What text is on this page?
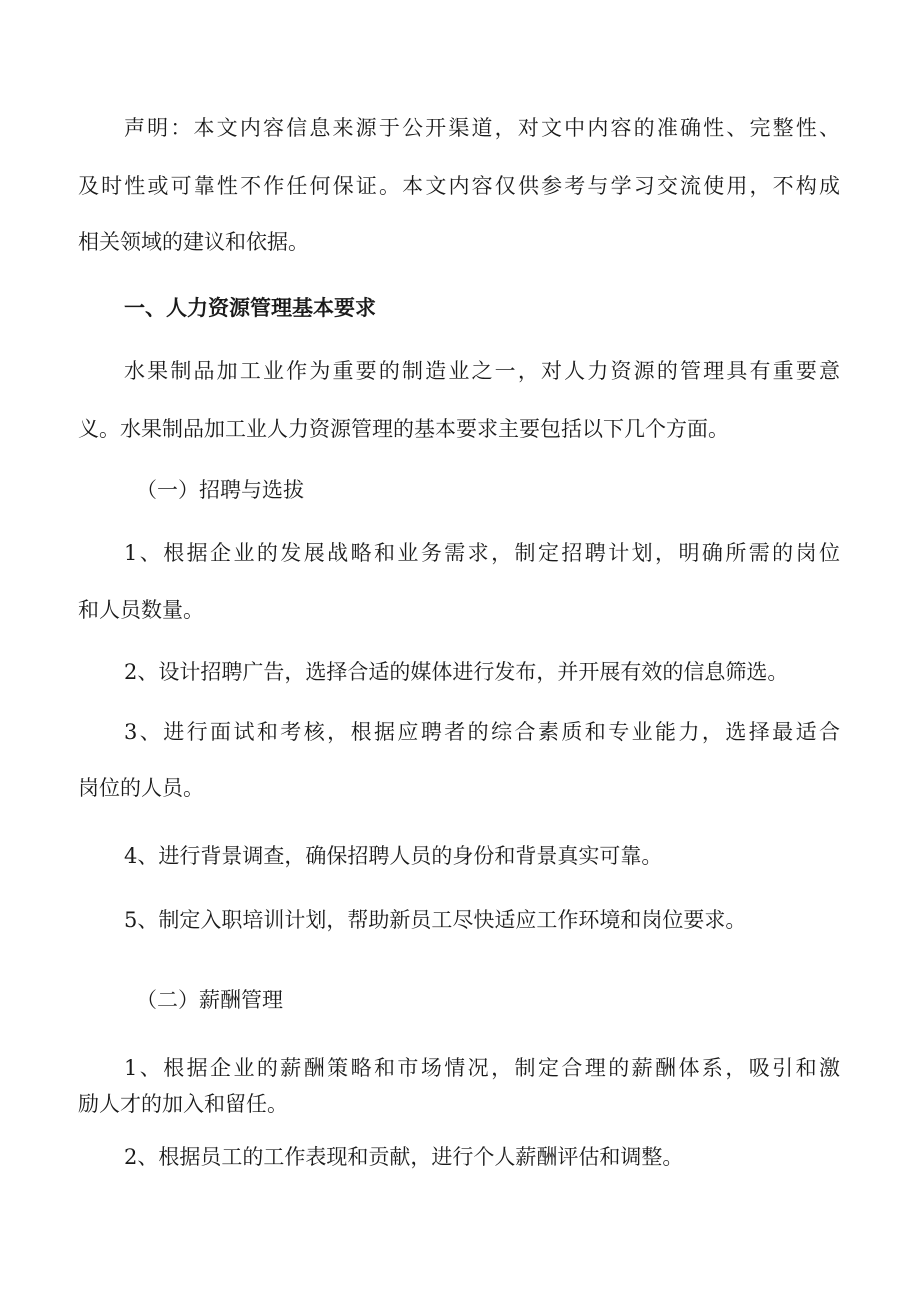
声明：本文内容信息来源于公开渠道，对文中内容的准确性、完整性、
及时性或可靠性不作任何保证。本文内容仅供参考与学习交流使用，不构成
相关领域的建议和依据。
一、人力资源管理基本要求
水果制品加工业作为重要的制造业之一，对人力资源的管理具有重要意
义。水果制品加工业人力资源管理的基本要求主要包括以下几个方面。
（一）招聘与选拔
1、根据企业的发展战略和业务需求，制定招聘计划，明确所需的岗位
和人员数量。
2、设计招聘广告，选择合适的媒体进行发布，并开展有效的信息筛选。
3、进行面试和考核，根据应聘者的综合素质和专业能力，选择最适合
岗位的人员。
4、进行背景调查，确保招聘人员的身份和背景真实可靠。
5、制定入职培训计划，帮助新员工尽快适应工作环境和岗位要求。
（二）薪酬管理
1、根据企业的薪酬策略和市场情况，制定合理的薪酬体系，吸引和激
励人才的加入和留任。
2、根据员工的工作表现和贡献，进行个人薪酬评估和调整。
